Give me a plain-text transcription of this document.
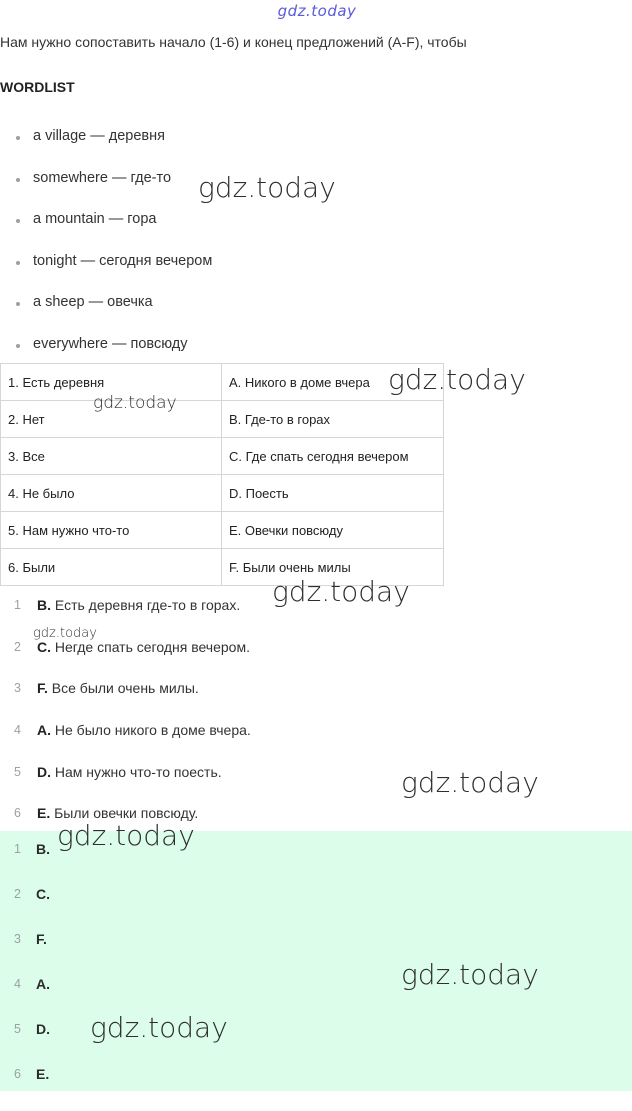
gdz.today
Нам нужно сопоставить начало (1-6) и конец предложений (A-F), чтобы
WORDLIST
a village — деревня
somewhere — где-то
a mountain — гора
tonight — сегодня вечером
a sheep — овечка
everywhere — повсюду
1. Есть деревня	A. Никого в доме вчера
2. Нет	B. Где-то в горах
3. Все	C. Где спать сегодня вечером
4. Не было	D. Поесть
5. Нам нужно что-то	E. Овечки повсюду
6. Были	F. Были очень милы
1 B. Есть деревня где-то в горах.
2 C. Негде спать сегодня вечером.
3 F. Все были очень милы.
4 A. Не было никого в доме вчера.
5 D. Нам нужно что-то поесть.
6 E. Были овечки повсюду.
1 B.
2 C.
3 F.
4 A.
5 D.
6 E.
gdz.today
gdz.today
gdz.today
gdz.today
gdz.today
gdz.today
gdz.today
gdz.today
gdz.today
